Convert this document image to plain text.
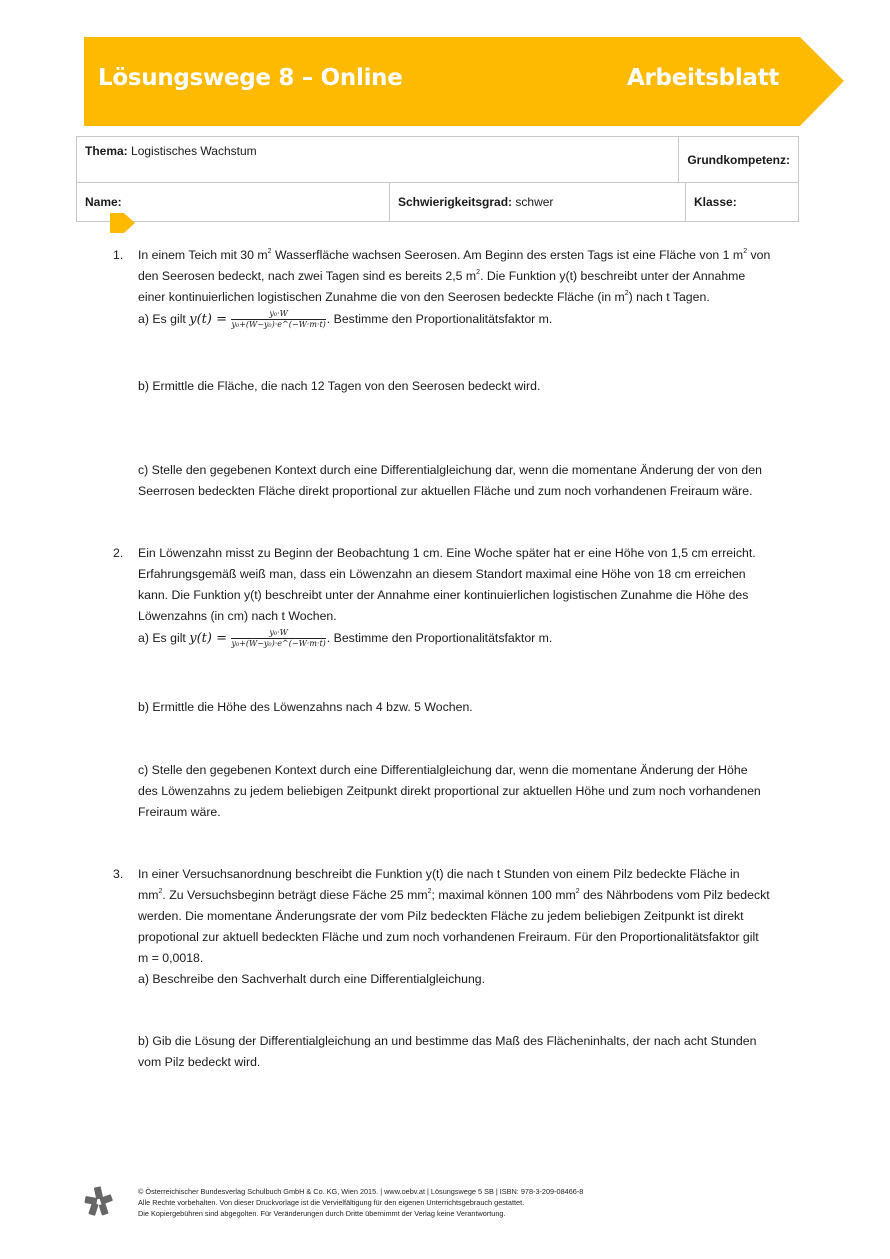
Lösungswege 8 – Online	Arbeitsblatt
Thema: Logistisches Wachstum		Grundkompetenz:	
Name:	Schwierigkeitsgrad: schwer		Klasse:
1. In einem Teich mit 30 $m^2$ Wasserfläche wachsen Seerosen. Am Beginn des ersten Tags ist eine Fläche von 1 $m^2$ von
den Seerosen bedeckt, nach zwei Tagen sind es bereits 2,5 $m^2$. Die Funktion y(t) beschreibt unter der Annahme
einer kontinuierlichen logistischen Zunahme die von den Seerosen bedeckte Fläche (in $m^2$) nach t Tagen.
a) Es gilt $y(t) = \frac{\text{y₀·W}}{\text{y₀+(W−y₀)·e\textasciicircum{}(−W·m·t)}}$ . Bestimme den Proportionalitätsfaktor m.
b) Ermittle die Fläche, die nach 12 Tagen von den Seerosen bedeckt wird.
c) Stelle den gegebenen Kontext durch eine Differentialgleichung dar, wenn die momentane Änderung der von den
Seerrosen bedeckten Fläche direkt proportional zur aktuellen Fläche und zum noch vorhandenen Freiraum wäre.
2. Ein Löwenzahn misst zu Beginn der Beobachtung 1 cm. Eine Woche später hat er eine Höhe von 1,5 cm erreicht.
Erfahrungsgemäß weiß man, dass ein Löwenzahn an diesem Standort maximal eine Höhe von 18 cm erreichen
kann. Die Funktion y(t) beschreibt unter der Annahme einer kontinuierlichen logistischen Zunahme die Höhe des
Löwenzahns (in cm) nach t Wochen.
a) Es gilt $y(t) = \frac{\text{y₀·W}}{\text{y₀+(W−y₀)·e\textasciicircum{}(−W·m·t)}}$ . Bestimme den Proportionalitätsfaktor m.
b) Ermittle die Höhe des Löwenzahns nach 4 bzw. 5 Wochen.
c) Stelle den gegebenen Kontext durch eine Differentialgleichung dar, wenn die momentane Änderung der Höhe
des Löwenzahns zu jedem beliebigen Zeitpunkt direkt proportional zur aktuellen Höhe und zum noch vorhandenen
Freiraum wäre.
3. In einer Versuchsanordnung beschreibt die Funktion y(t) die nach t Stunden von einem Pilz bedeckte Fläche in
$mm^2$. Zu Versuchsbeginn beträgt diese Fäche 25 $mm^2$; maximal können 100 $mm^2$ des Nährbodens vom Pilz bedeckt
werden. Die momentane Änderungsrate der vom Pilz bedeckten Fläche zu jedem beliebigen Zeitpunkt ist direkt
propotional zur aktuell bedeckten Fläche und zum noch vorhandenen Freiraum. Für den Proportionalitätsfaktor gilt
m = 0,0018.
a) Beschreibe den Sachverhalt durch eine Differentialgleichung.
b) Gib die Lösung der Differentialgleichung an und bestimme das Maß des Flächeninhalts, der nach acht Stunden
vom Pilz bedeckt wird.
© Österreichischer Bundesverlag Schulbuch GmbH & Co. KG, Wien 2015. | www.oebv.at | Lösungswege 5 SB | ISBN: 978-3-209-08466-8
Alle Rechte vorbehalten. Von dieser Druckvorlage ist die Vervielfältigung für den eigenen Unterrichtsgebrauch gestattet.
Die Kopiergebühren sind abgegolten. Für Veränderungen durch Dritte übernimmt der Verlag keine Verantwortung.
